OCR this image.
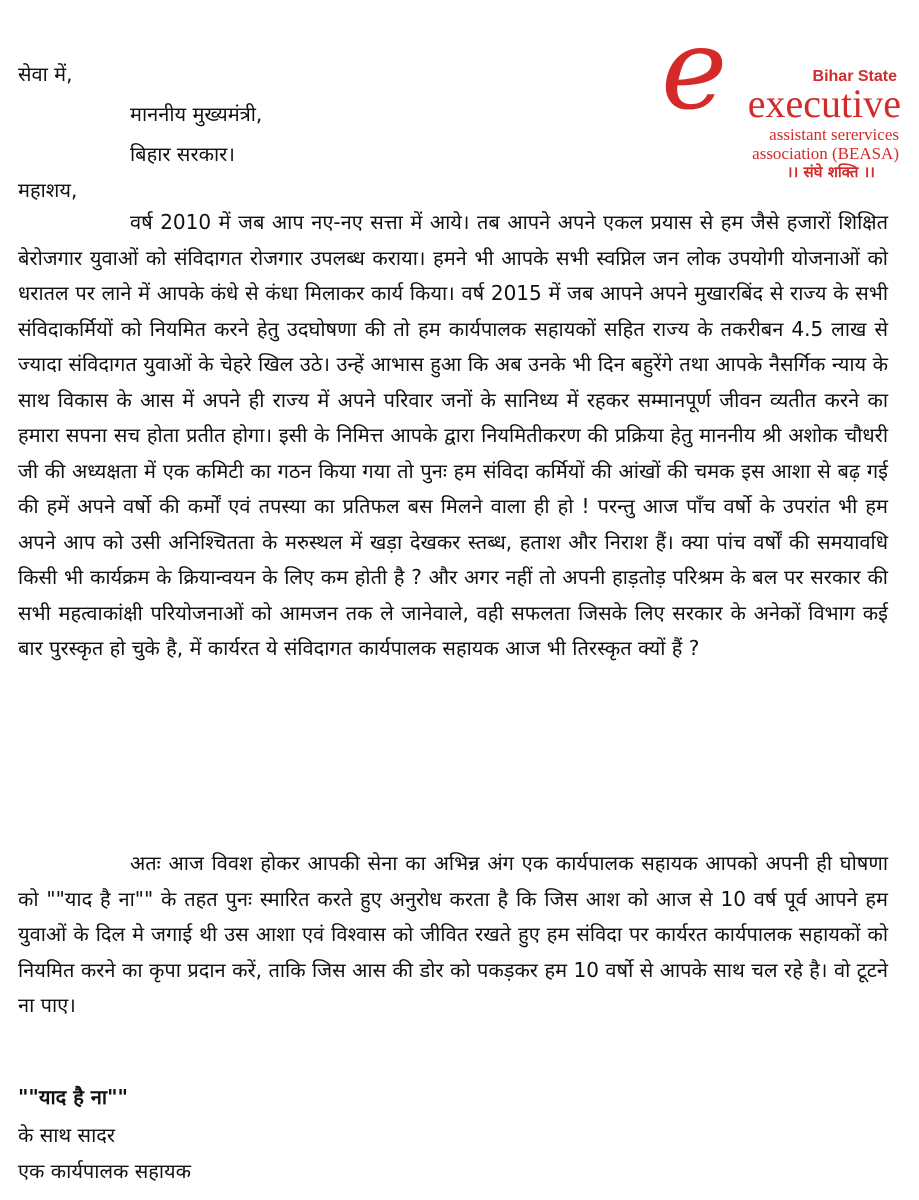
e	Bihar State
executive
assistant serervices
association (BEASA)
।। संघे शक्ति ।।
सेवा में,
माननीय मुख्यमंत्री,
बिहार सरकार।
महाशय,

वर्ष 2010 में जब आप नए-नए सत्ता में आये। तब आपने अपने एकल प्रयास से हम जैसे हजारों शिक्षित बेरोजगार युवाओं को संविदागत रोजगार उपलब्ध कराया। हमने भी आपके सभी स्वप्निल जन लोक उपयोगी योजनाओं को धरातल पर लाने में आपके कंधे से कंधा मिलाकर कार्य किया। वर्ष 2015 में जब आपने अपने मुखारबिंद से राज्य के सभी संविदाकर्मियों को नियमित करने हेतु उदघोषणा की तो हम कार्यपालक सहायकों सहित राज्य के तकरीबन 4.5 लाख से ज्यादा संविदागत युवाओं के चेहरे खिल उठे। उन्हें आभास हुआ कि अब उनके भी दिन बहुरेंगे तथा आपके नैसर्गिक न्याय के साथ विकास के आस में अपने ही राज्य में अपने परिवार जनों के सानिध्य में रहकर सम्मानपूर्ण जीवन व्यतीत करने का हमारा सपना सच होता प्रतीत होगा। इसी के निमित्त आपके द्वारा नियमितीकरण की प्रक्रिया हेतु माननीय श्री अशोक चौधरी जी की अध्यक्षता में एक कमिटी का गठन किया गया तो पुनः हम संविदा कर्मियों की आंखों की चमक इस आशा से बढ़ गई की हमें अपने वर्षो की कर्मों एवं तपस्या का प्रतिफल बस मिलने वाला ही हो ! परन्तु आज पाँच वर्षो के उपरांत भी हम अपने आप को उसी अनिश्चितता के मरुस्थल में खड़ा देखकर स्तब्ध, हताश और निराश हैं। क्या पांच वर्षों की समयावधि किसी भी कार्यक्रम के क्रियान्वयन के लिए कम होती है ? और अगर नहीं तो अपनी हाड़तोड़ परिश्रम के बल पर सरकार की सभी महत्वाकांक्षी परियोजनाओं को आमजन तक ले जानेवाले, वही सफलता जिसके लिए सरकार के अनेकों विभाग कई बार पुरस्कृत हो चुके है, में कार्यरत ये संविदागत कार्यपालक सहायक आज भी तिरस्कृत क्यों हैं ?

अतः आज विवश होकर आपकी सेना का अभिन्न अंग एक कार्यपालक सहायक आपको अपनी ही घोषणा को ""याद है ना"" के तहत पुनः स्मारित करते हुए अनुरोध करता है कि जिस आश को आज से 10 वर्ष पूर्व आपने हम युवाओं के दिल मे जगाई थी उस आशा एवं विश्वास को जीवित रखते हुए हम संविदा पर कार्यरत कार्यपालक सहायकों को नियमित करने का कृपा प्रदान करें, ताकि जिस आस की डोर को पकड़कर हम 10 वर्षो से आपके साथ चल रहे है। वो टूटने ना पाए।

""याद है ना""
के साथ सादर
एक कार्यपालक सहायक
